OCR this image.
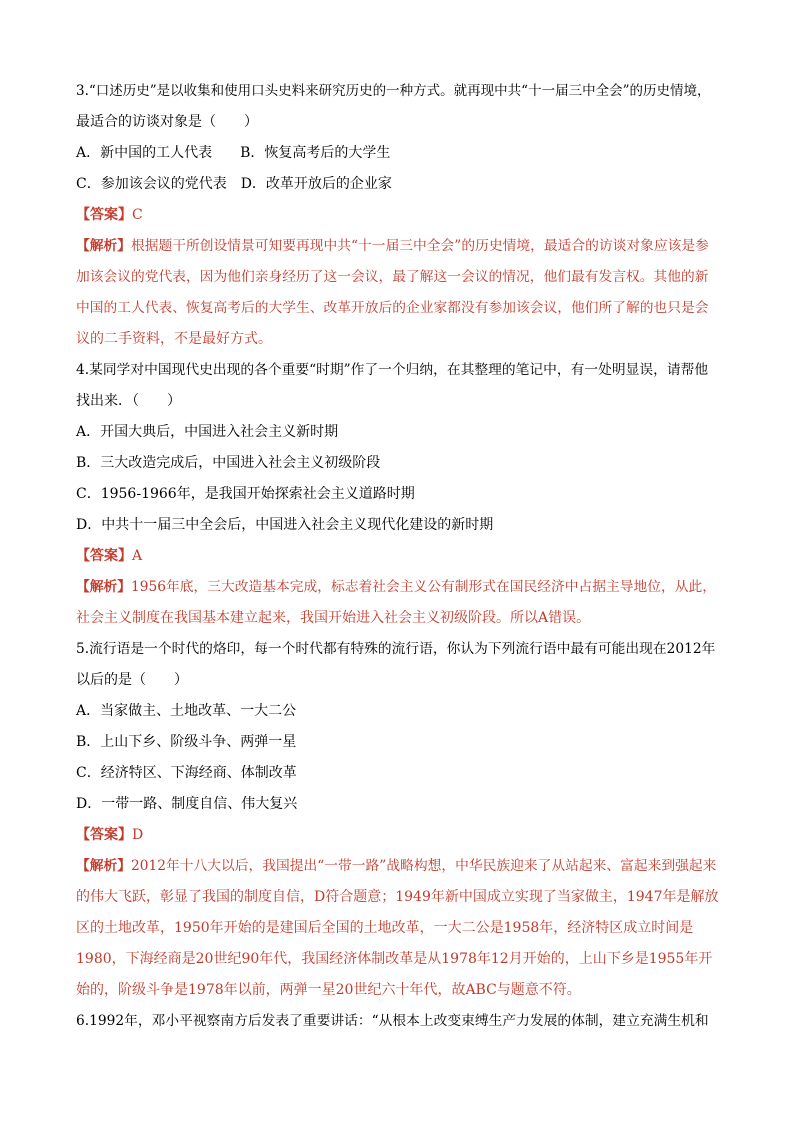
3.“口述历史”是以收集和使用口头史料来研究历史的一种方式。就再现中共“十一届三中全会”的历史情境，
最适合的访谈对象是（　　）
A．新中国的工人代表　　B．恢复高考后的大学生
C．参加该会议的党代表　D．改革开放后的企业家
【答案】C
【解析】根据题干所创设情景可知要再现中共“十一届三中全会”的历史情境，最适合的访谈对象应该是参
加该会议的党代表，因为他们亲身经历了这一会议，最了解这一会议的情况，他们最有发言权。其他的新
中国的工人代表、恢复高考后的大学生、改革开放后的企业家都没有参加该会议，他们所了解的也只是会
议的二手资料，不是最好方式。
4.某同学对中国现代史出现的各个重要“时期”作了一个归纳，在其整理的笔记中，有一处明显误，请帮他
找出来．（　　）
A．开国大典后，中国进入社会主义新时期
B．三大改造完成后，中国进入社会主义初级阶段
C．1956-1966年，是我国开始探索社会主义道路时期
D．中共十一届三中全会后，中国进入社会主义现代化建设的新时期
【答案】A
【解析】1956年底，三大改造基本完成，标志着社会主义公有制形式在国民经济中占据主导地位，从此，
社会主义制度在我国基本建立起来，我国开始进入社会主义初级阶段。所以A错误。
5.流行语是一个时代的烙印，每一个时代都有特殊的流行语，你认为下列流行语中最有可能出现在2012年
以后的是（　　）
A．当家做主、土地改革、一大二公
B．上山下乡、阶级斗争、两弹一星
C．经济特区、下海经商、体制改革
D．一带一路、制度自信、伟大复兴
【答案】D
【解析】2012年十八大以后，我国提出“一带一路”战略构想，中华民族迎来了从站起来、富起来到强起来
的伟大飞跃，彰显了我国的制度自信，D符合题意；1949年新中国成立实现了当家做主，1947年是解放
区的土地改革，1950年开始的是建国后全国的土地改革，一大二公是1958年，经济特区成立时间是
1980，下海经商是20世纪90年代，我国经济体制改革是从1978年12月开始的，上山下乡是1955年开
始的，阶级斗争是1978年以前，两弹一星20世纪六十年代，故ABC与题意不符。
6.1992年，邓小平视察南方后发表了重要讲话：“从根本上改变束缚生产力发展的体制，建立充满生机和
